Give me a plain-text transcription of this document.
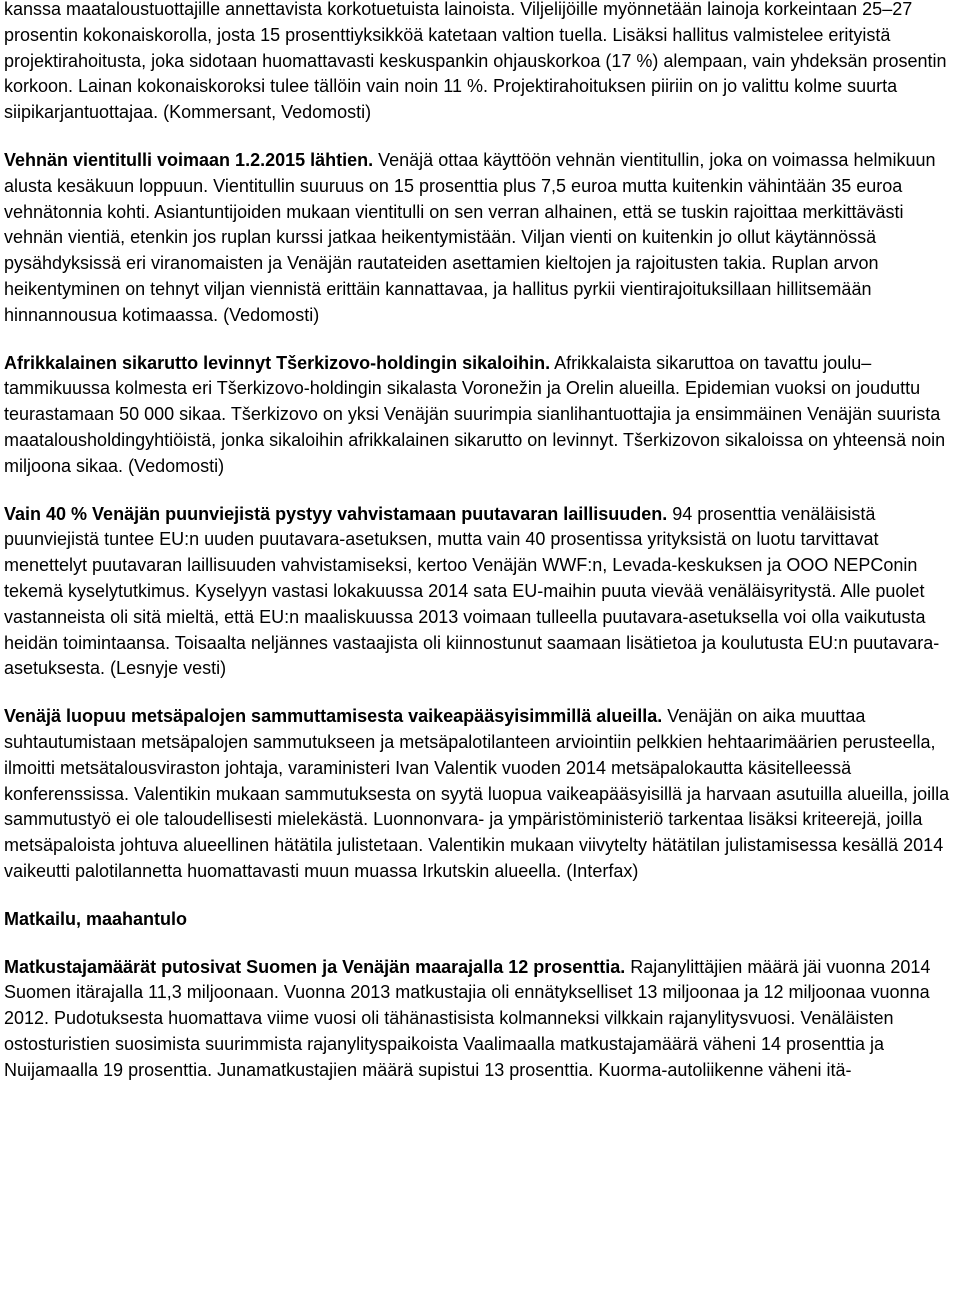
kanssa maataloustuottajille annettavista korkotuetuista lainoista. Viljelijöille myönnetään lainoja korkeintaan 25–27 prosentin kokonaiskorolla, josta 15 prosenttiyksikköä katetaan valtion tuella. Lisäksi hallitus valmistelee erityistä projektirahoitusta, joka sidotaan huomattavasti keskuspankin ohjauskorkoa (17 %) alempaan, vain yhdeksän prosentin korkoon. Lainan kokonaiskoroksi tulee tällöin vain noin 11 %. Projektirahoituksen piiriin on jo valittu kolme suurta siipikarjantuottajaa. (Kommersant, Vedomosti)

Vehnän vientitulli voimaan 1.2.2015 lähtien. Venäjä ottaa käyttöön vehnän vientitullin, joka on voimassa helmikuun alusta kesäkuun loppuun. Vientitullin suuruus on 15 prosenttia plus 7,5 euroa mutta kuitenkin vähintään 35 euroa vehnätonnia kohti. Asiantuntijoiden mukaan vientitulli on sen verran alhainen, että se tuskin rajoittaa merkittävästi vehnän vientiä, etenkin jos ruplan kurssi jatkaa heikentymistään. Viljan vienti on kuitenkin jo ollut käytännössä pysähdyksissä eri viranomaisten ja Venäjän rautateiden asettamien kieltojen ja rajoitusten takia. Ruplan arvon heikentyminen on tehnyt viljan viennistä erittäin kannattavaa, ja hallitus pyrkii vientirajoituksillaan hillitsemään hinnannousua kotimaassa. (Vedomosti)

Afrikkalainen sikarutto levinnyt Tšerkizovo-holdingin sikaloihin. Afrikkalaista sikaruttoa on tavattu joulu–tammikuussa kolmesta eri Tšerkizovo-holdingin sikalasta Voronežin ja Orelin alueilla. Epidemian vuoksi on jouduttu teurastamaan 50 000 sikaa. Tšerkizovo on yksi Venäjän suurimpia sianlihantuottajia ja ensimmäinen Venäjän suurista maatalousholdingyhtiöistä, jonka sikaloihin afrikkalainen sikarutto on levinnyt. Tšerkizovon sikaloissa on yhteensä noin miljoona sikaa. (Vedomosti)

Vain 40 % Venäjän puunviejistä pystyy vahvistamaan puutavaran laillisuuden. 94 prosenttia venäläisistä puunviejistä tuntee EU:n uuden puutavara-asetuksen, mutta vain 40 prosentissa yrityksistä on luotu tarvittavat menettelyt puutavaran laillisuuden vahvistamiseksi, kertoo Venäjän WWF:n, Levada-keskuksen ja OOO NEPConin tekemä kyselytutkimus. Kyselyyn vastasi lokakuussa 2014 sata EU-maihin puuta vievää venäläisyritystä. Alle puolet vastanneista oli sitä mieltä, että EU:n maaliskuussa 2013 voimaan tulleella puutavara-asetuksella voi olla vaikutusta heidän toimintaansa. Toisaalta neljännes vastaajista oli kiinnostunut saamaan lisätietoa ja koulutusta EU:n puutavara-asetuksesta. (Lesnyje vesti)

Venäjä luopuu metsäpalojen sammuttamisesta vaikeapääsyisimmillä alueilla. Venäjän on aika muuttaa suhtautumistaan metsäpalojen sammutukseen ja metsäpalotilanteen arviointiin pelkkien hehtaarimäärien perusteella, ilmoitti metsätalousviraston johtaja, varaministeri Ivan Valentik vuoden 2014 metsäpalokautta käsitelleessä konferenssissa. Valentikin mukaan sammutuksesta on syytä luopua vaikeapääsyisillä ja harvaan asutuilla alueilla, joilla sammutustyö ei ole taloudellisesti mielekästä. Luonnonvara- ja ympäristöministeriö tarkentaa lisäksi kriteerejä, joilla metsäpaloista johtuva alueellinen hätätila julistetaan. Valentikin mukaan viivytelty hätätilan julistamisessa kesällä 2014 vaikeutti palotilannetta huomattavasti muun muassa Irkutskin alueella. (Interfax)

Matkailu, maahantulo

Matkustajamäärät putosivat Suomen ja Venäjän maarajalla 12 prosenttia. Rajanylittäjien määrä jäi vuonna 2014 Suomen itärajalla 11,3 miljoonaan. Vuonna 2013 matkustajia oli ennätykselliset 13 miljoonaa ja 12 miljoonaa vuonna 2012. Pudotuksesta huomattava viime vuosi oli tähänastisista kolmanneksi vilkkain rajanylitysvuosi. Venäläisten ostosturistien suosimista suurimmista rajanylityspaikoista Vaalimaalla matkustajamäärä väheni 14 prosenttia ja Nuijamaalla 19 prosenttia. Junamatkustajien määrä supistui 13 prosenttia. Kuorma-autoliikenne väheni itä-
